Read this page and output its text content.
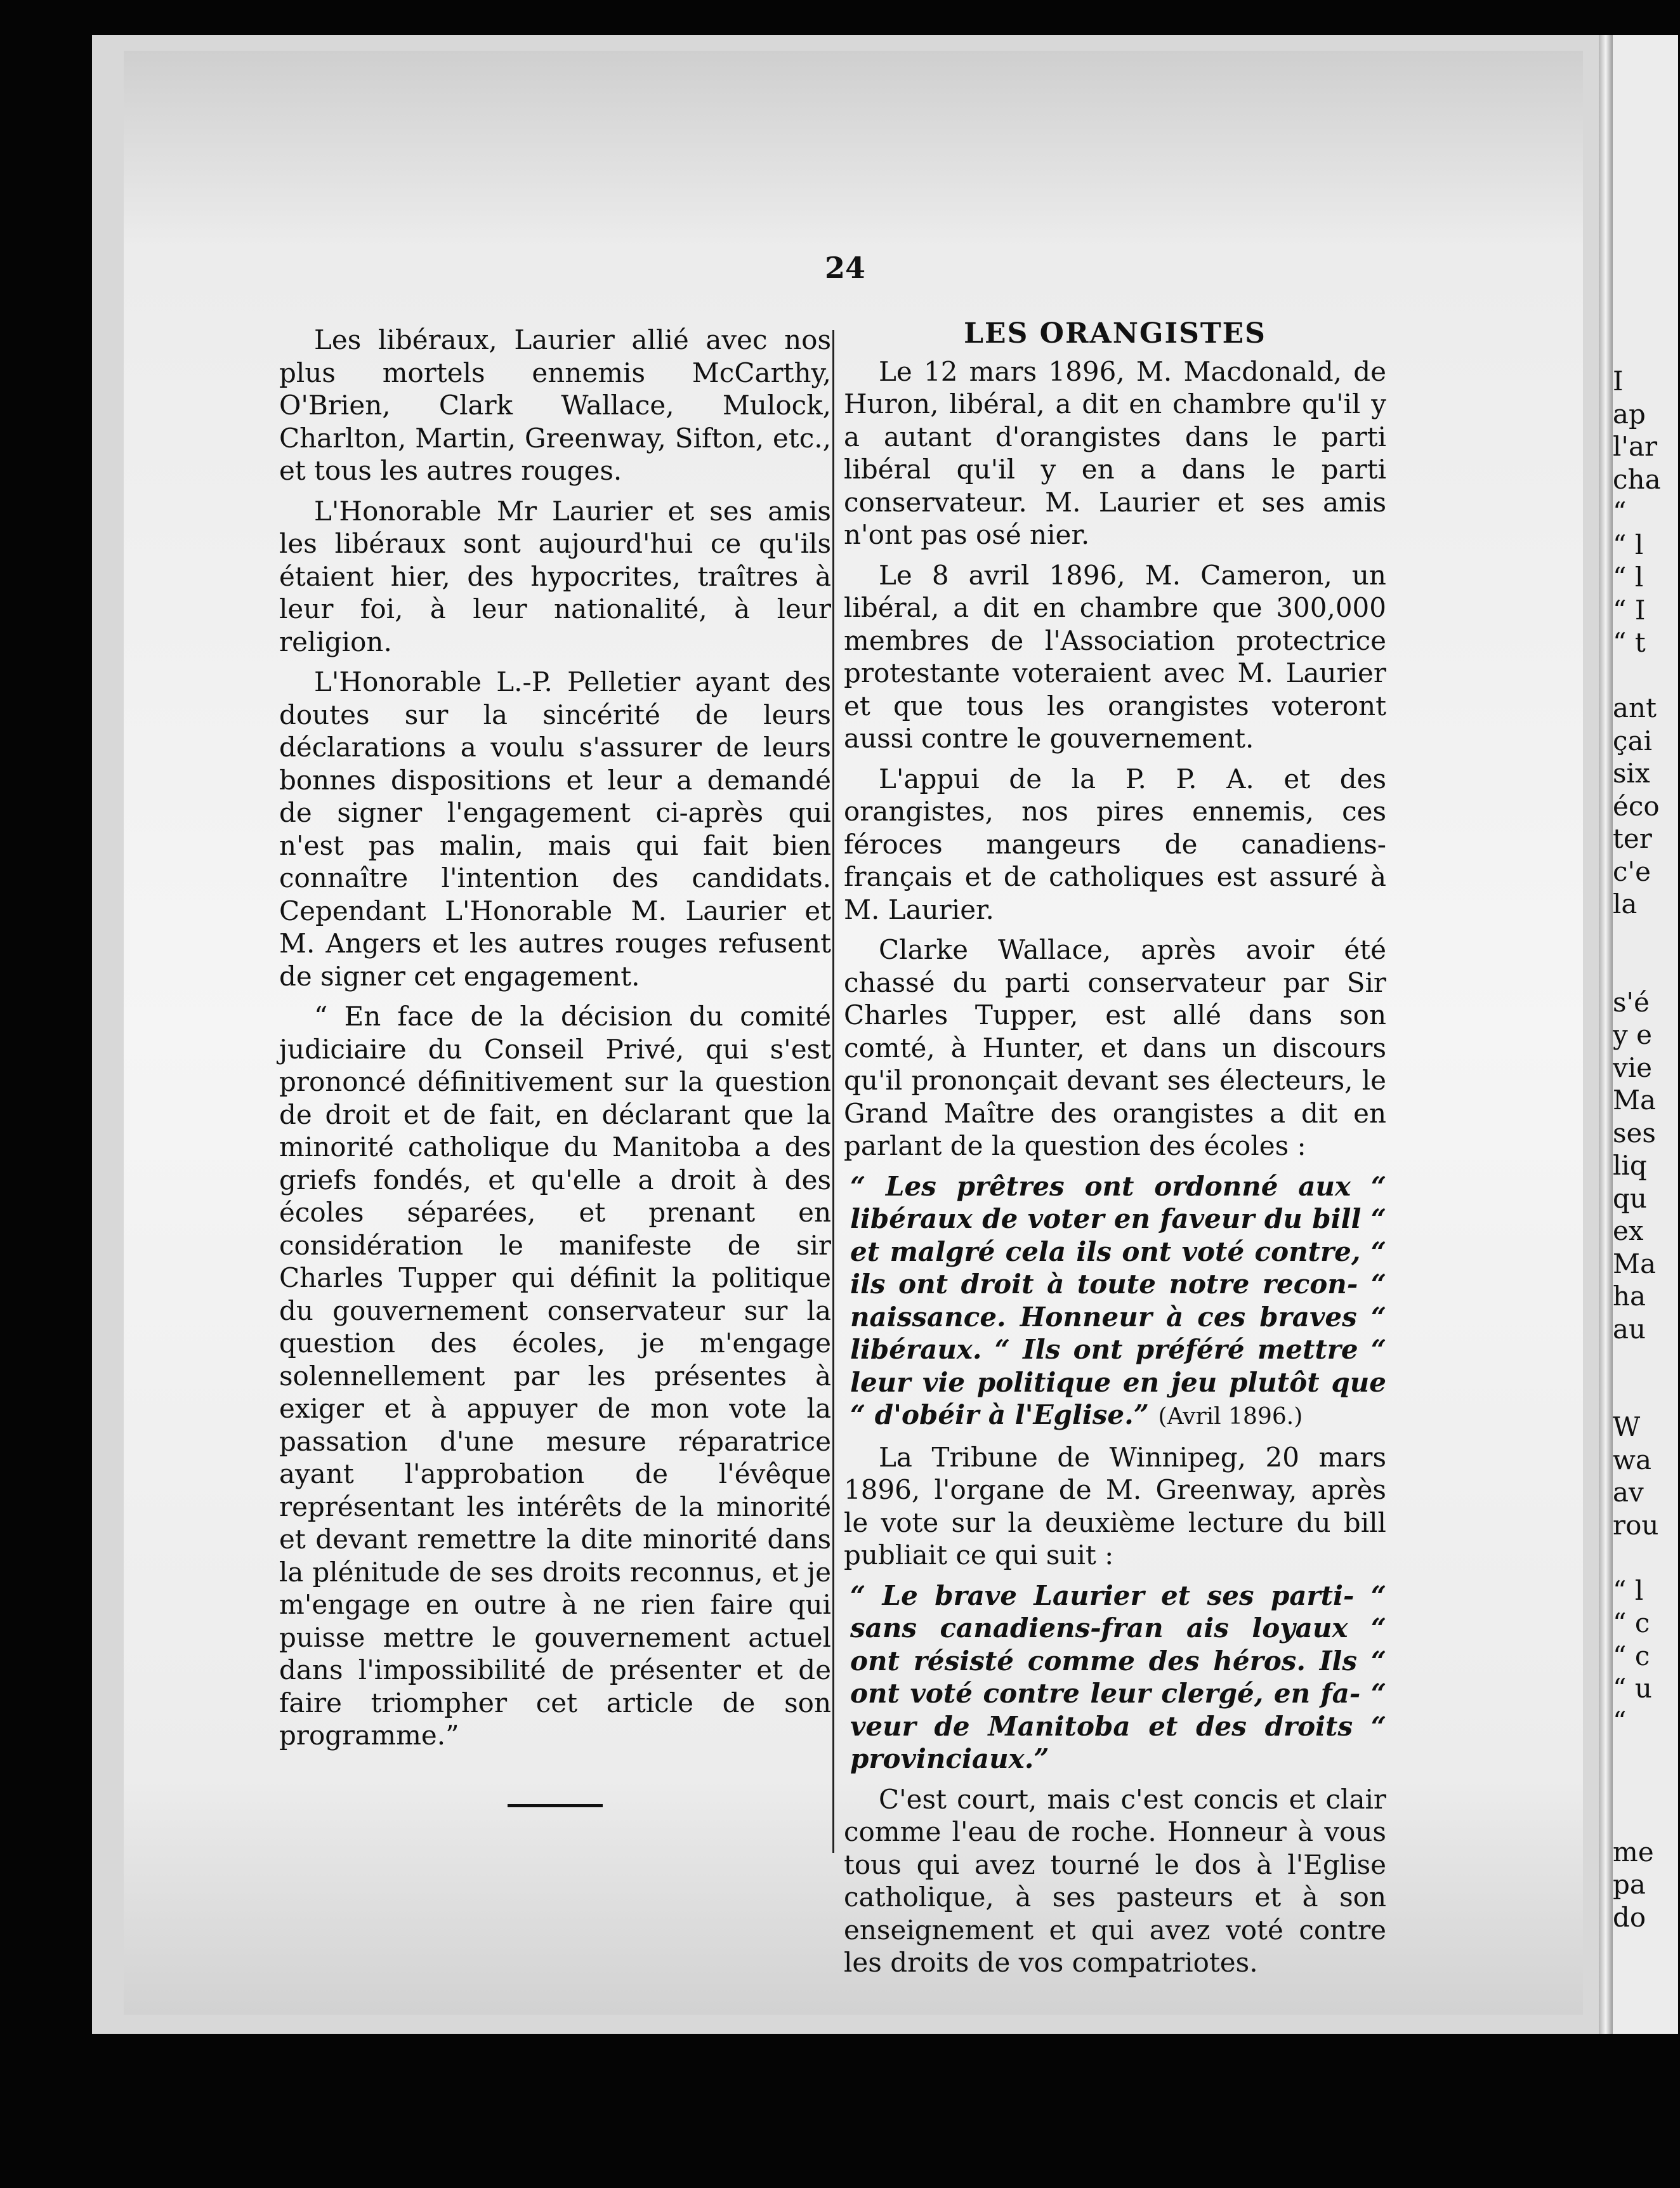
I
ap
l'ar
cha
“
“ l
“ l
“ I
“ t
ant
çai
six
éco
ter
c'e
la
s'é
y e
vie
Ma
ses
liq
qu
ex
Ma
ha
au
W
wa
av
rou
“ l
“ c
“ c
“ u
“
me
pa
do
24

Les libéraux, Laurier allié avec nos plus mortels ennemis McCarthy, O'Brien, Clark Wallace, Mulock, Charlton, Martin, Greenway, Sifton, etc., et tous les autres rouges.

L'Honorable Mr Laurier et ses amis les libéraux sont aujourd'hui ce qu'ils étaient hier, des hypocrites, traîtres à leur foi, à leur nationalité, à leur religion.

L'Honorable L.-P. Pelletier ayant des doutes sur la sincérité de leurs déclarations a voulu s'assurer de leurs bonnes dispositions et leur a demandé de signer l'engagement ci-après qui n'est pas malin, mais qui fait bien connaître l'intention des candidats. Cependant L'Honorable M. Laurier et M. Angers et les autres rouges refusent de signer cet engagement.

“ En face de la décision du comité judiciaire du Conseil Privé, qui s'est prononcé définitivement sur la question de droit et de fait, en déclarant que la minorité catholique du Manitoba a des griefs fondés, et qu'elle a droit à des écoles séparées, et prenant en considération le manifeste de sir Charles Tupper qui définit la politique du gouvernement conservateur sur la question des écoles, je m'engage solennellement par les présentes à exiger et à appuyer de mon vote la passation d'une mesure réparatrice ayant l'approbation de l'évêque représentant les intérêts de la minorité et devant remettre la dite minorité dans la plénitude de ses droits reconnus, et je m'engage en outre à ne rien faire qui puisse mettre le gouvernement actuel dans l'impossibilité de présenter et de faire triompher cet article de son programme.”

LES ORANGISTES

Le 12 mars 1896, M. Macdonald, de Huron, libéral, a dit en chambre qu'il y a autant d'orangistes dans le parti libéral qu'il y en a dans le parti conservateur. M. Laurier et ses amis n'ont pas osé nier.

Le 8 avril 1896, M. Cameron, un libéral, a dit en chambre que 300,000 membres de l'Association protectrice protestante voteraient avec M. Laurier et que tous les orangistes voteront aussi contre le gouvernement.

L'appui de la P. P. A. et des orangistes, nos pires ennemis, ces féroces mangeurs de canadiens-français et de catholiques est assuré à M. Laurier.

Clarke Wallace, après avoir été chassé du parti conservateur par Sir Charles Tupper, est allé dans son comté, à Hunter, et dans un discours qu'il prononçait devant ses électeurs, le Grand Maître des orangistes a dit en parlant de la question des écoles :

“ Les prêtres ont ordonné aux “ libéraux de voter en faveur du bill “ et malgré cela ils ont voté contre, “ ils ont droit à toute notre recon- “ naissance. Honneur à ces braves “ libéraux. “ Ils ont préféré mettre “ leur vie politique en jeu plutôt que “ d'obéir à l'Eglise.” (Avril 1896.)

La Tribune de Winnipeg, 20 mars 1896, l'organe de M. Greenway, après le vote sur la deuxième lecture du bill publiait ce qui suit :

“ Le brave Laurier et ses parti- “ sans canadiens-fran ais loyaux “ ont résisté comme des héros. Ils “ ont voté contre leur clergé, en fa- “ veur de Manitoba et des droits “ provinciaux.”

C'est court, mais c'est concis et clair comme l'eau de roche. Honneur à vous tous qui avez tourné le dos à l'Eglise catholique, à ses pasteurs et à son enseignement et qui avez voté contre les droits de vos compatriotes.
